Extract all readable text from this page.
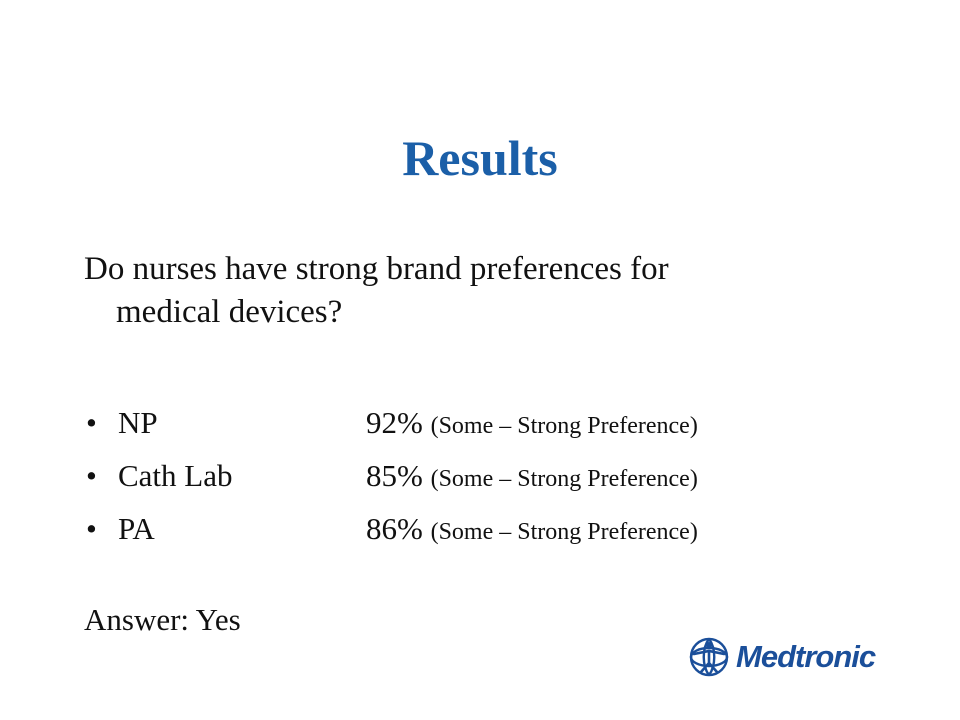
Results
Do nurses have strong brand preferences for
medical devices?
• NP	92% (Some – Strong Preference)
• Cath Lab	85% (Some – Strong Preference)
• PA	86% (Some – Strong Preference)
Answer: Yes
Medtronic
